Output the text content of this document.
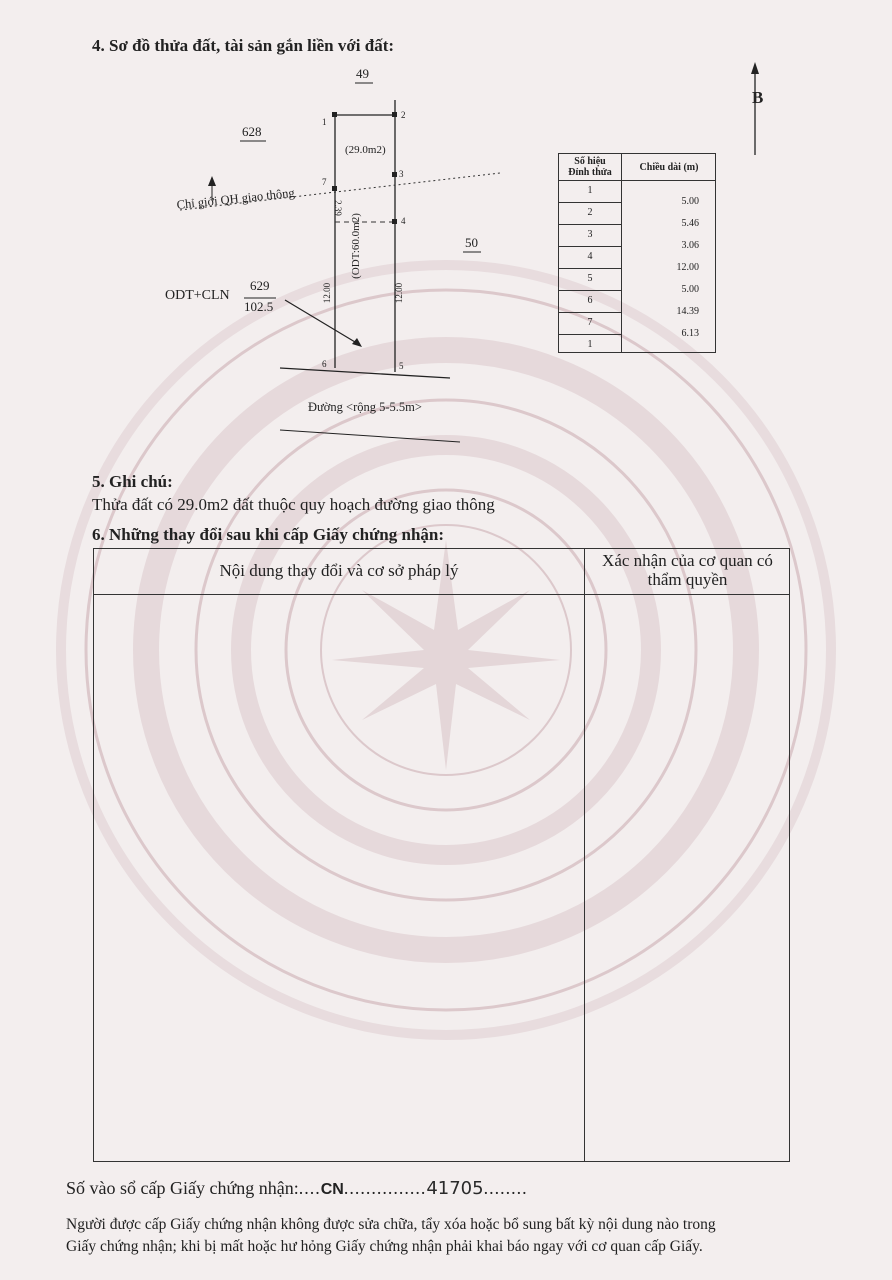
4. Sơ đồ thửa đất, tài sản gắn liền với đất:
B
49
628
50
(29.0m2)
Chỉ giới QH giao thông
ODT+CLN
629
102.5
(ODT:60.0m2)
2.39
12.00	12.00
1
2
3
4
5
6
7
Đường <rộng 5-5.5m>
Số hiệu
Đỉnh thửa	Chiều dài (m)
1
2
3
4
5
6
7
1
5.00
5.46
3.06
12.00
5.00
14.39
6.13
5. Ghi chú:
Thửa đất có 29.0m2 đất thuộc quy hoạch đường giao thông
6. Những thay đổi sau khi cấp Giấy chứng nhận:
Nội dung thay đổi và cơ sở pháp lý
Xác nhận của cơ quan có thẩm quyền
Số vào sổ cấp Giấy chứng nhận:....CN...............41705........
Người được cấp Giấy chứng nhận không được sửa chữa, tẩy xóa hoặc bổ sung bất kỳ nội dung nào trong
Giấy chứng nhận; khi bị mất hoặc hư hỏng Giấy chứng nhận phải khai báo ngay với cơ quan cấp Giấy.
